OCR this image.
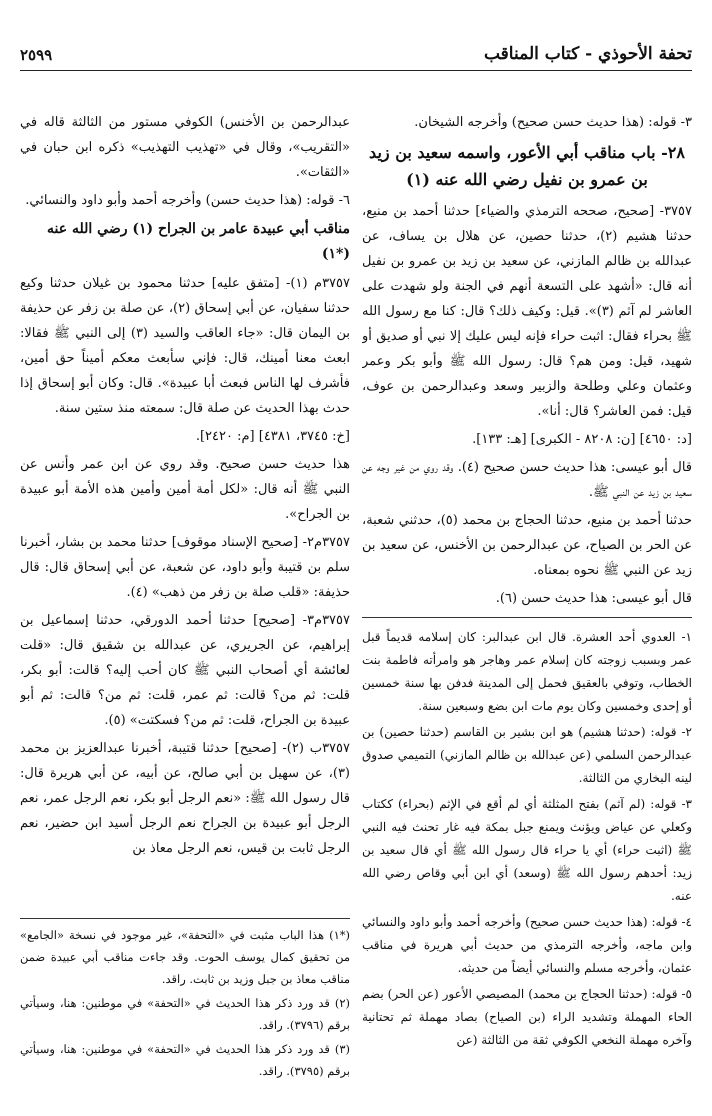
٢٥٩٩	تحفة الأحوذي - كتاب المناقب

٣- قوله: (هذا حديث حسن صحيح) وأخرجه الشيخان.

٢٨- باب مناقب أبي الأعور، واسمه سعيد بن زيد بن عمرو بن نفيل رضي الله عنه (١)

٣٧٥٧- [صحيح، صححه الترمذي والضياء] حدثنا أحمد بن منيع، حدثنا هشيم (٢)، حدثنا حصين، عن هلال بن يساف، عن عبدالله بن ظالم المازني، عن سعيد بن زيد بن عمرو بن نفيل أنه قال: «أشهد على التسعة أنهم في الجنة ولو شهدت على العاشر لم آثم (٣)». قيل: وكيف ذلك؟ قال: كنا مع رسول الله ﷺ بحراء فقال: اثبت حراء فإنه ليس عليك إلا نبي أو صديق أو شهيد، قيل: ومن هم؟ قال: رسول الله ﷺ وأبو بكر وعمر وعثمان وعلي وطلحة والزبير وسعد وعبدالرحمن بن عوف، قيل: فمن العاشر؟ قال: أنا».

[د: ٤٦٥٠] [ن: ٨٢٠٨ - الكبرى] [هـ: ١٣٣].

قال أبو عيسى: هذا حديث حسن صحيح (٤). وقد روي من غير وجه عن سعيد بن زيد عن النبي ﷺ.

حدثنا أحمد بن منيع، حدثنا الحجاج بن محمد (٥)، حدثني شعبة، عن الحر بن الصياح، عن عبدالرحمن بن الأخنس، عن سعيد بن زيد عن النبي ﷺ نحوه بمعناه.

قال أبو عيسى: هذا حديث حسن (٦).

١- العدوي أحد العشرة. قال ابن عبدالبر: كان إسلامه قديماً قبل عمر وبسبب زوجته كان إسلام عمر وهاجر هو وامرأته فاطمة بنت الخطاب، وتوفي بالعقيق فحمل إلى المدينة فدفن بها سنة خمسين أو إحدى وخمسين وكان يوم مات ابن بضع وسبعين سنة.

٢- قوله: (حدثنا هشيم) هو ابن بشير بن القاسم (حدثنا حصين) بن عبدالرحمن السلمي (عن عبدالله بن ظالم المازني) التميمي صدوق لينه البخاري من الثالثة.

٣- قوله: (لم آثم) بفتح المثلثة أي لم أقع في الإثم (بحراء) ككتاب وكعلي عن عياض ويؤنث ويمنع جبل بمكة فيه غار تحنث فيه النبي ﷺ (اثبت حراء) أي يا حراء قال رسول الله ﷺ أي قال سعيد بن زيد: أحدهم رسول الله ﷺ (وسعد) أي ابن أبي وقاص رضي الله عنه.

٤- قوله: (هذا حديث حسن صحيح) وأخرجه أحمد وأبو داود والنسائي وابن ماجه، وأخرجه الترمذي من حديث أبي هريرة في مناقب عثمان، وأخرجه مسلم والنسائي أيضاً من حديثه.

٥- قوله: (حدثنا الحجاج بن محمد) المصيصي الأعور (عن الحر) بضم الحاء المهملة وتشديد الراء (بن الصياح) بصاد مهملة ثم تحتانية وآخره مهملة النخعي الكوفي ثقة من الثالثة (عن

عبدالرحمن بن الأخنس) الكوفي مستور من الثالثة قاله في «التقريب»، وقال في «تهذيب التهذيب» ذكره ابن حبان في «الثقات».

٦- قوله: (هذا حديث حسن) وأخرجه أحمد وأبو داود والنسائي.

مناقب أبي عبيدة عامر بن الجراح (١) رضي الله عنه (*١)

٣٧٥٧م (١)- [متفق عليه] حدثنا محمود بن غيلان حدثنا وكيع حدثنا سفيان، عن أبي إسحاق (٢)، عن صلة بن زفر عن حذيفة بن اليمان قال: «جاء العاقب والسيد (٣) إلى النبي ﷺ فقالا: ابعث معنا أمينك، قال: فإني سأبعث معكم أميناً حق أمين، فأشرف لها الناس فبعث أبا عبيدة». قال: وكان أبو إسحاق إذا حدث بهذا الحديث عن صلة قال: سمعته منذ ستين سنة.

[خ: ٣٧٤٥، ٤٣٨١] [م: ٢٤٢٠].

هذا حديث حسن صحيح. وقد روي عن ابن عمر وأنس عن النبي ﷺ أنه قال: «لكل أمة أمين وأمين هذه الأمة أبو عبيدة بن الجراح».

٣٧٥٧م٢- [صحيح الإسناد موقوف] حدثنا محمد بن بشار، أخبرنا سلم بن قتيبة وأبو داود، عن شعبة، عن أبي إسحاق قال: قال حذيفة: «قلب صلة بن زفر من ذهب» (٤).

٣٧٥٧م٣- [صحيح] حدثنا أحمد الدورقي، حدثنا إسماعيل بن إبراهيم، عن الجريري، عن عبدالله بن شقيق قال: «قلت لعائشة أي أصحاب النبي ﷺ كان أحب إليه؟ قالت: أبو بكر، قلت: ثم من؟ قالت: ثم عمر، قلت: ثم من؟ قالت: ثم أبو عبيدة بن الجراح، قلت: ثم من؟ فسكتت» (٥).

٣٧٥٧ب (٢)- [صحيح] حدثنا قتيبة، أخبرنا عبدالعزيز بن محمد (٣)، عن سهيل بن أبي صالح، عن أبيه، عن أبي هريرة قال: قال رسول الله ﷺ: «نعم الرجل أبو بكر، نعم الرجل عمر، نعم الرجل أبو عبيدة بن الجراح نعم الرجل أسيد ابن حضير، نعم الرجل ثابت بن قيس، نعم الرجل معاذ بن

(*١) هذا الباب مثبت في «التحفة»، غير موجود في نسخة «الجامع» من تحقيق كمال يوسف الحوت. وقد جاءت مناقب أبي عبيدة ضمن مناقب معاذ بن جبل وزيد بن ثابت. راقد.

(٢) قد ورد ذكر هذا الحديث في «التحفة» في موطنين: هنا، وسيأتي برقم (٣٧٩٦). راقد.

(٣) قد ورد ذكر هذا الحديث في «التحفة» في موطنين: هنا، وسيأتي برقم (٣٧٩٥). راقد.
